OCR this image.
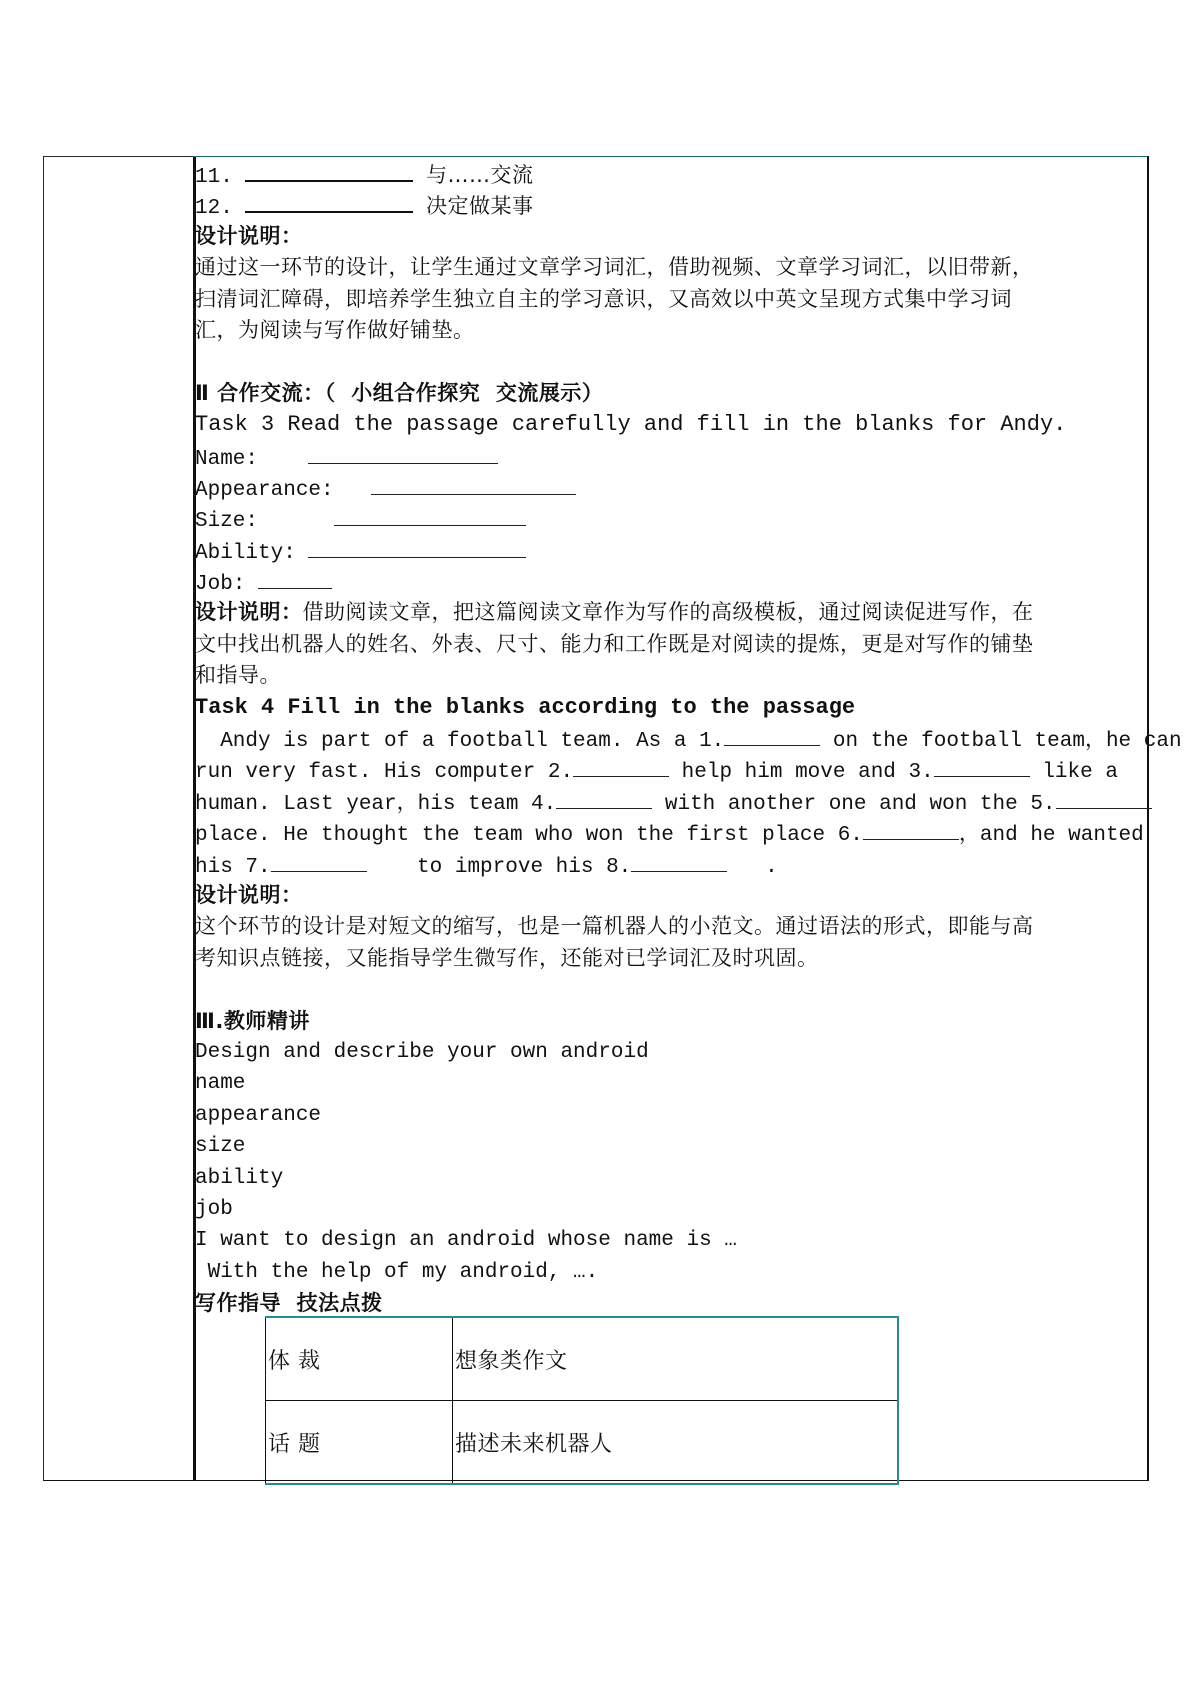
11.	与……交流
12.	决定做某事
设计说明：
通过这一环节的设计，让学生通过文章学习词汇，借助视频、文章学习词汇，以旧带新，
扫清词汇障碍，即培养学生独立自主的学习意识，又高效以中英文呈现方式集中学习词
汇，为阅读与写作做好铺垫。
Ⅱ 合作交流：（  小组合作探究  交流展示）
Task 3 Read the passage carefully and fill in the blanks for Andy.
Name:
Appearance:
Size:
Ability:
Job:
设计说明：借助阅读文章，把这篇阅读文章作为写作的高级模板，通过阅读促进写作，在
文中找出机器人的姓名、外表、尺寸、能力和工作既是对阅读的提炼，更是对写作的铺垫
和指导。
Task 4 Fill in the blanks according to the passage
Andy is part of a football team. As a 1.	on the football team，he can
run very fast. His computer 2.	help him move and 3.	like a
human. Last year，his team 4.	with another one and won the 5.
place. He thought the team who won the first place 6.	，and he wanted
his 7.	to improve his 8.	.
设计说明：
这个环节的设计是对短文的缩写，也是一篇机器人的小范文。通过语法的形式，即能与高
考知识点链接，又能指导学生微写作，还能对已学词汇及时巩固。
Ⅲ.教师精讲
Design and describe your own android
name
appearance
size
ability
job
I want to design an android whose name is …
With the help of my android, ….
写作指导  技法点拨
体 裁	想象类作文
话 题	描述未来机器人
